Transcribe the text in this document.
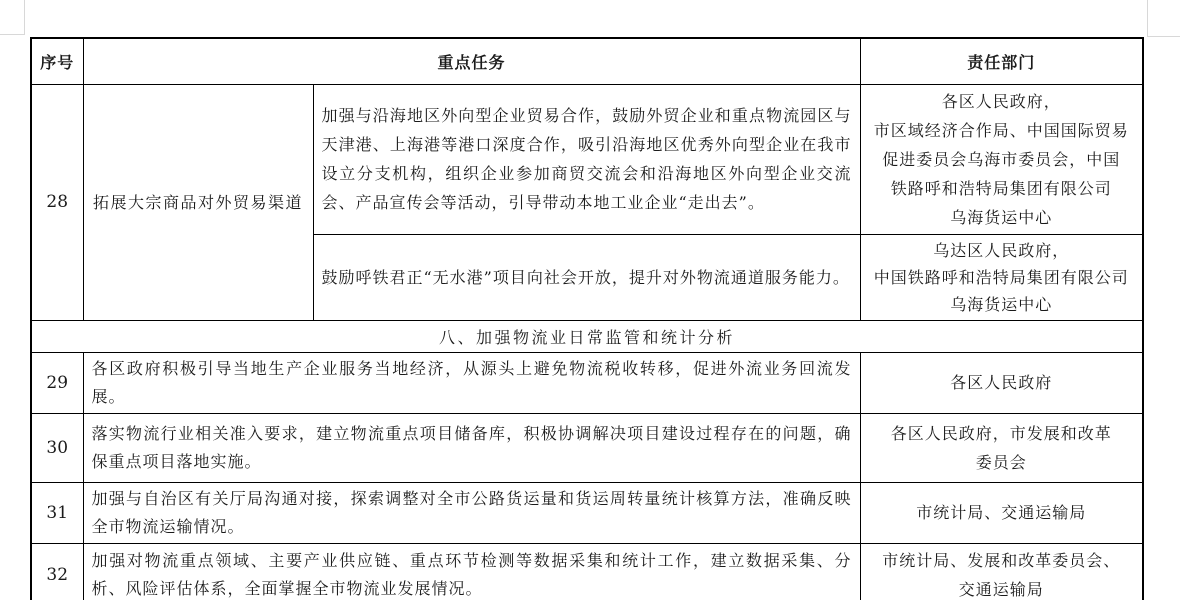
序号	重点任务		责任部门
28	拓展大宗商品对外贸易渠道	加强与沿海地区外向型企业贸易合作，鼓励外贸企业和重点物流园区与天津港、上海港等港口深度合作，吸引沿海地区优秀外向型企业在我市设立分支机构，组织企业参加商贸交流会和沿海地区外向型企业交流会、产品宣传会等活动，引导带动本地工业企业“走出去”。	各区人民政府，
市区域经济合作局、中国国际贸易
促进委员会乌海市委员会，中国
铁路呼和浩特局集团有限公司
乌海货运中心

		鼓励呼铁君正“无水港”项目向社会开放，提升对外物流通道服务能力。	乌达区人民政府，
中国铁路呼和浩特局集团有限公司
乌海货运中心

八、加强物流业日常监管和统计分析			
29	各区政府积极引导当地生产企业服务当地经济，从源头上避免物流税收转移，促进外流业务回流发展。		各区人民政府

30	落实物流行业相关准入要求，建立物流重点项目储备库，积极协调解决项目建设过程存在的问题，确保重点项目落地实施。		各区人民政府，市发展和改革
委员会

31	加强与自治区有关厅局沟通对接，探索调整对全市公路货运量和货运周转量统计核算方法，准确反映全市物流运输情况。		市统计局、交通运输局

32	加强对物流重点领域、主要产业供应链、重点环节检测等数据采集和统计工作，建立数据采集、分析、风险评估体系，全面掌握全市物流业发展情况。		市统计局、发展和改革委员会、
交通运输局
